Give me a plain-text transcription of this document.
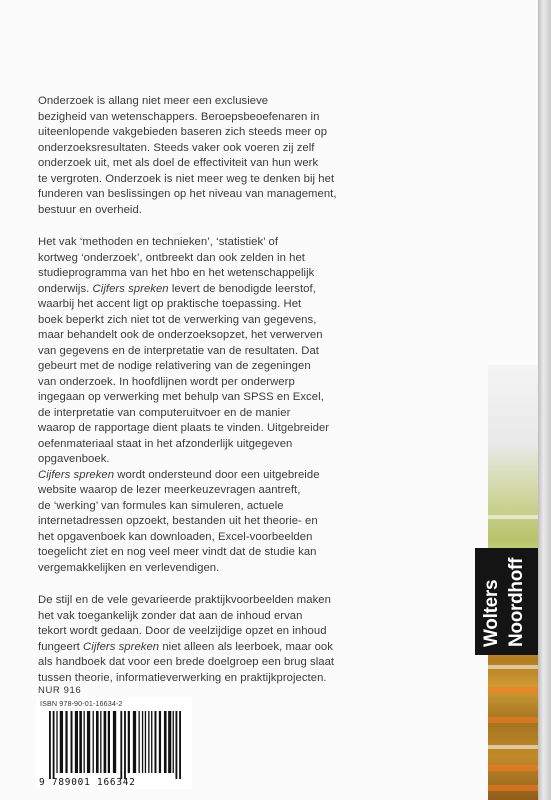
Onderzoek is allang niet meer een exclusieve
bezigheid van wetenschappers. Beroepsbeoefenaren in
uiteenlopende vakgebieden baseren zich steeds meer op
onderzoeksresultaten. Steeds vaker ook voeren zij zelf
onderzoek uit, met als doel de effectiviteit van hun werk
te vergroten. Onderzoek is niet meer weg te denken bij het
funderen van beslissingen op het niveau van management,
bestuur en overheid.

Het vak ‘methoden en technieken’, ‘statistiek’ of
kortweg ‘onderzoek’, ontbreekt dan ook zelden in het
studieprogramma van het hbo en het wetenschappelijk
onderwijs. Cijfers spreken levert de benodigde leerstof,
waarbij het accent ligt op praktische toepassing. Het
boek beperkt zich niet tot de verwerking van gegevens,
maar behandelt ook de onderzoeksopzet, het verwerven
van gegevens en de interpretatie van de resultaten. Dat
gebeurt met de nodige relativering van de zegeningen
van onderzoek. In hoofdlijnen wordt per onderwerp
ingegaan op verwerking met behulp van SPSS en Excel,
de interpretatie van computeruitvoer en de manier
waarop de rapportage dient plaats te vinden. Uitgebreider
oefenmateriaal staat in het afzonderlijk uitgegeven
opgavenboek.
Cijfers spreken wordt ondersteund door een uitgebreide
website waarop de lezer meerkeuzevragen aantreft,
de ‘werking’ van formules kan simuleren, actuele
internetadressen opzoekt, bestanden uit het theorie- en
het opgavenboek kan downloaden, Excel-voorbeelden
toegelicht ziet en nog veel meer vindt dat de studie kan
vergemakkelijken en verlevendigen.

De stijl en de vele gevarieerde praktijkvoorbeelden maken
het vak toegankelijk zonder dat aan de inhoud ervan
tekort wordt gedaan. Door de veelzijdige opzet en inhoud
fungeert Cijfers spreken niet alleen als leerboek, maar ook
als handboek dat voor een brede doelgroep een brug slaat
tussen theorie, informatieverwerking en praktijkprojecten.

Wolters Noordhoff
NUR 916
ISBN 978-90-01-16634-2
9 789001 166342
